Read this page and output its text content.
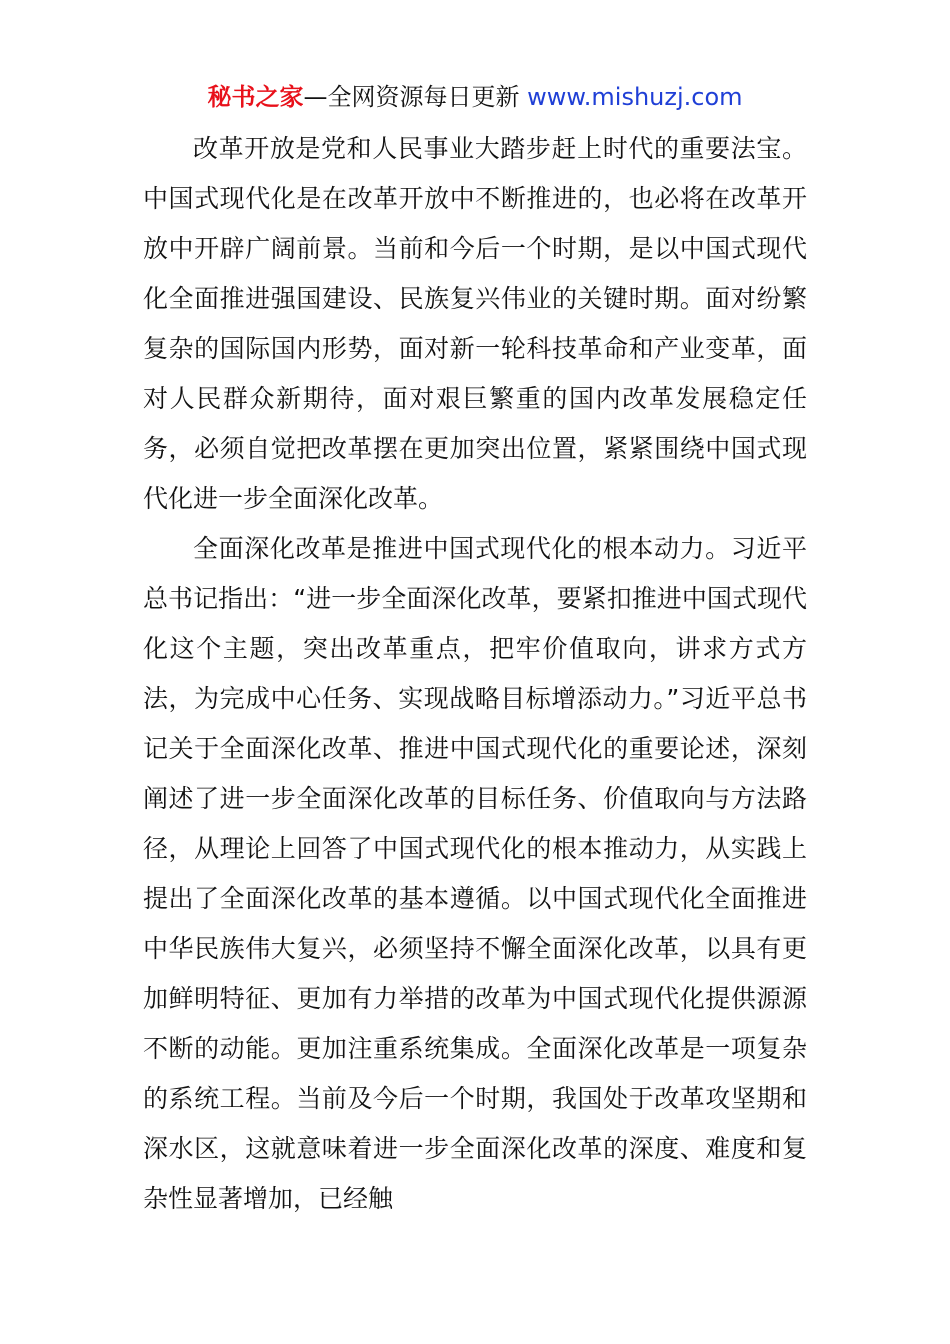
秘书之家—全网资源每日更新 www.mishuzj.com

改革开放是党和人民事业大踏步赶上时代的重要法宝。中国式现代化是在改革开放中不断推进的，也必将在改革开放中开辟广阔前景。当前和今后一个时期，是以中国式现代化全面推进强国建设、民族复兴伟业的关键时期。面对纷繁复杂的国际国内形势，面对新一轮科技革命和产业变革，面对人民群众新期待，面对艰巨繁重的国内改革发展稳定任务，必须自觉把改革摆在更加突出位置，紧紧围绕中国式现代化进一步全面深化改革。

全面深化改革是推进中国式现代化的根本动力。习近平总书记指出：“进一步全面深化改革，要紧扣推进中国式现代化这个主题，突出改革重点，把牢价值取向，讲求方式方法，为完成中心任务、实现战略目标增添动力。”习近平总书记关于全面深化改革、推进中国式现代化的重要论述，深刻阐述了进一步全面深化改革的目标任务、价值取向与方法路径，从理论上回答了中国式现代化的根本推动力，从实践上提出了全面深化改革的基本遵循。以中国式现代化全面推进中华民族伟大复兴，必须坚持不懈全面深化改革，以具有更加鲜明特征、更加有力举措的改革为中国式现代化提供源源不断的动能。更加注重系统集成。全面深化改革是一项复杂的系统工程。当前及今后一个时期，我国处于改革攻坚期和深水区，这就意味着进一步全面深化改革的深度、难度和复杂性显著增加，已经触
